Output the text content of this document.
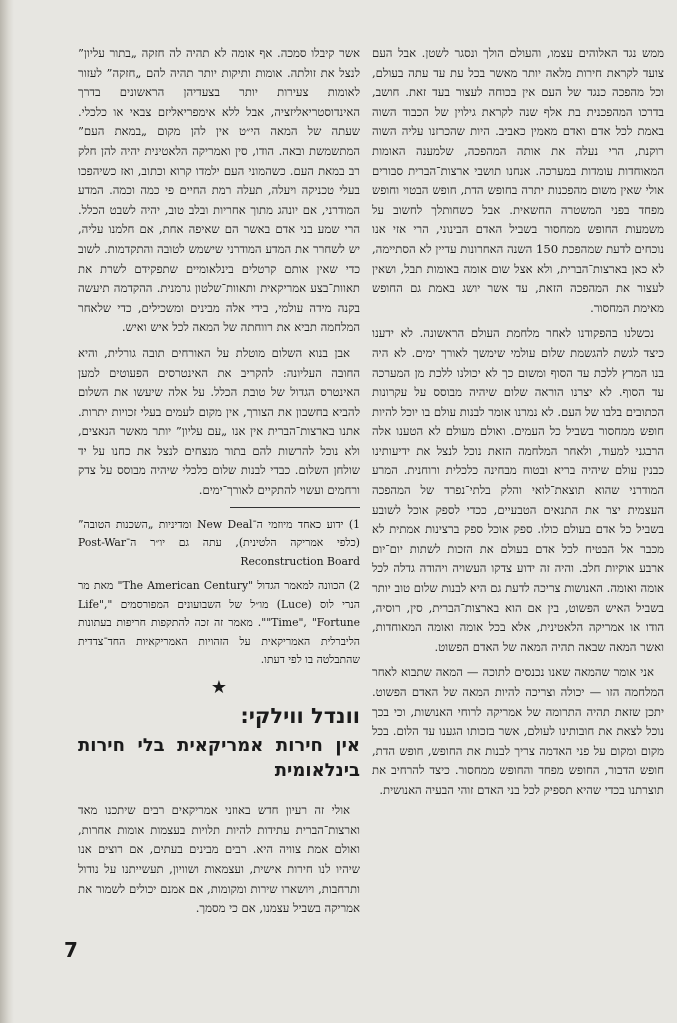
ממש נגד האלוהים עצמו, והעולם הולך ונסגר לשטן. אבל העם צועד לקראת חירות מלאה יותר מאשר בכל עת עד עתה בעולם, וכל מהפכה כנגד של העם אין בכוחה לעצור בעד זאת. חושב, בדרכו המהפכנית בת אלף שנה לקראת גילוין של הכבוד השוה באמת לכל אדם ואדם מאמין כאביב. היות שהכרזנו עליה השוה רוקנת, הרי נעלה את אותה המהפכה, שלמענה האומות המאוחדות עומדות במערכה. אנחנו תושבי ארצות־הברית סבורים אולי שאין משום מהפכנות יתרה בחופש הדת, חופש הבטוי וחופש מפחד בפני המשטרה החשאית. אבל כשחותלך לחשוב על משמעות החופש ממחסור בשביל האדם הבינוני, הרי אזי אנו נוכחים לדעת שמהפכת 150 השנה האחרונות עדיין לא הסתיימה, לא כאן בארצות־הברית, ולא אצל שום אומה באומות תבל, ושאין לעצור את המהפכה הזאת, עד אשר יושג באמת גם החופש מאימת המחסור.

נכשלנו בהפקודנו לאחר מלחמת העולם הראשונה. לא ידענו כיצד לגשת להגשמת שלום עולמי שימשך לאורך ימים. לא היה בנו המרץ ללכת עד הסוף ומשום כך לא יכולנו ללכת מן המערכה עד הסוף. לא יצרנו הוראה שלום שיהיה מבוסס על עקרונות הכתובים בלבו של העם. לא נמרנו אומר לבנות עולם בו יוכל להיות חופש ממחסור בשביל כל העמים. ואולם מעולם לא הטענו אלה הרבגני למעוד, ולאחר המלחמה הזאת נוכל לנצל את ידיעותינו כבנין עולם שיהיה בריא ובטוח מבחינה כלכלית ורוחנית. המרע המודרני שהוא תוצאת־לואי והלק בלתי־נפרד של המהפכה העצמית יצר את התנאים הטבעיים, ככדי לספק אוכל לשובע בשביל כל אדם בעולם כולו. ספק אוכל ספק ברצינות אמתית לא מכבר אל הבטיח לכל אדם בעולם את הזכות לשתות יום־יום ארבע אוקיות חלב. והיה זה ידוע צדקו העשויה ויהודה גדלה לכל אומה ואומה. האנושות צריכה לדעת גם היא לבנות שלום טוב יותר בשביל האיש הפשוט, בין אם הוא בארצות־הברית, סין, רוסיה, הודו או אמריקה הלאטינית, אלא בכל אומה ואומה המאוחדות, ואשר המאה שבאה תהיה המאה של האדם הפשוט.

אני אומר שהמאה שאנו נכנסים לתוכה — המאה שתבוא לאחר המלחמה הזו — יכולה וצריכה להיות המאה של האדם הפשוט. יתכן שזאת תהיה התרומה של אמריקה לרוחי האנושות, וכי בכך נוכל לצאת את חובותינו לעולם, אשר בזכותו הגענו עד הלום. בכל מקום ומקום על פני האדמה צריך לבנות את החופש, חופש הדת, חופש הדבור, החופש מפחד והחופש ממחסור. כיצד להרחיב את תוצרתנו בכדי שהיא תספיק לכל בני האדם זוהי הבעיה האנושית.

אשר קיבלו סמכה. אף אומה לא תהיה לה חזקה „בתור עליון” לנצל את זולתה. אומות ותיקות יותר תהיה להם „חזקה” לעזור לאומות צעירות יותר בצעדיהן הראשונים בדרך האינדוסטריאליזציה, אבל ללא אימפריאליזם צבאי או כלכלי. שעתה של המאה הי״ט אין להן מקום „במאת העם” המתשמשת ובאה. הודו, סין ואמריקה הלאטינית יהיה להן חלק רב במאת העם. כשהמוני העם ילמדו קרוא וכתוב, ואז כשיהפכו בעלי טכניקה ויעלה, תעלה רמת החיים פי כמה וכמה. המדע המודרני, אם יונהג מתוך אחריות ובלב טוב, יהיה לשבט הכלל. הרי שמע בני אדם באשר הם שאיפה אחת, אם חלמנו עליה, יש לשחרר את המדע המודרני שישמש לטובה והתקדמות. לשוב כדי שאין אותם קרטלים בינלאומיים שתפקידם לשרת את תאוות־בצע אמריקאית ותאוות־שלטון גרמנית. ההקדמה תיעשה בקנה מידה עולמי, בידי אלה מבינים ומשכילים, כדי שלאחר המלחמה תביא את רווחתה של המאה לכל איש ואיש.

אבן בנוא השלום מוטלת על האורחים תובה גורלית, והיא החובה העליונה: להקריב את האינטרסים הפעוטים למען האינטרס הגדול של טובת הכלל. על אלה שיעשו את השלום להביא בחשבון את הצורך, אין מקום לעמים בעלי זכויות יתרות. אתנו בארצות־הברית אין אנו „עם עליון” יותר מאשר הנאצים, ולא נוכל להרשות להם בתור מנצחים לנצל את כחנו על יד שולחן השלום. כבדי לבנות שלום כלכלי שיהיה מבוסס על צדק ורחמים ועשוי להתקיים לאורך־ימים.

1) ידוע כאחד מיוזמי ה־New Deal ומדיניות „השכנות הטובה” (כלפי אמריקה הלטינית), עתה גם יו״ר ה־Post-War Reconstruction Board

2) הכוונה למאמר הגדול "The American Century" מאת מר הנרי לוס (Luce) מו״ל של השבועונים המפורסמים "Life", "Time", "Fortune". מאמר זה זכה להתקפות חריפות בעתונות הליברלית האמריקאית על הזהויות האמריקאיות החד־צדדית שהתבלטה בו לפי דעתו.

★
וונדל ווילקי:
אין חירות אמריקאית בלי חירות בינלאומית

אולי זה רעיון חדש באוזני אמריקאים רבים שיתכנו מאד וארצות־הברית עתידות להיות תלויות בעצמות אומות אחרות, ואולם אמת צוויה היא. רבים מבינים בעתים, אם רוצים אנו שיהיו לנו חירות אישית, ועצמאות ושוויון, תעשייתנו על נודול ותרחבות, ויושארו שירות ומקומות, אם אמנם יכולים לשמור את אמריקה בשביל עצמנו, אם כי מסמך.

7
